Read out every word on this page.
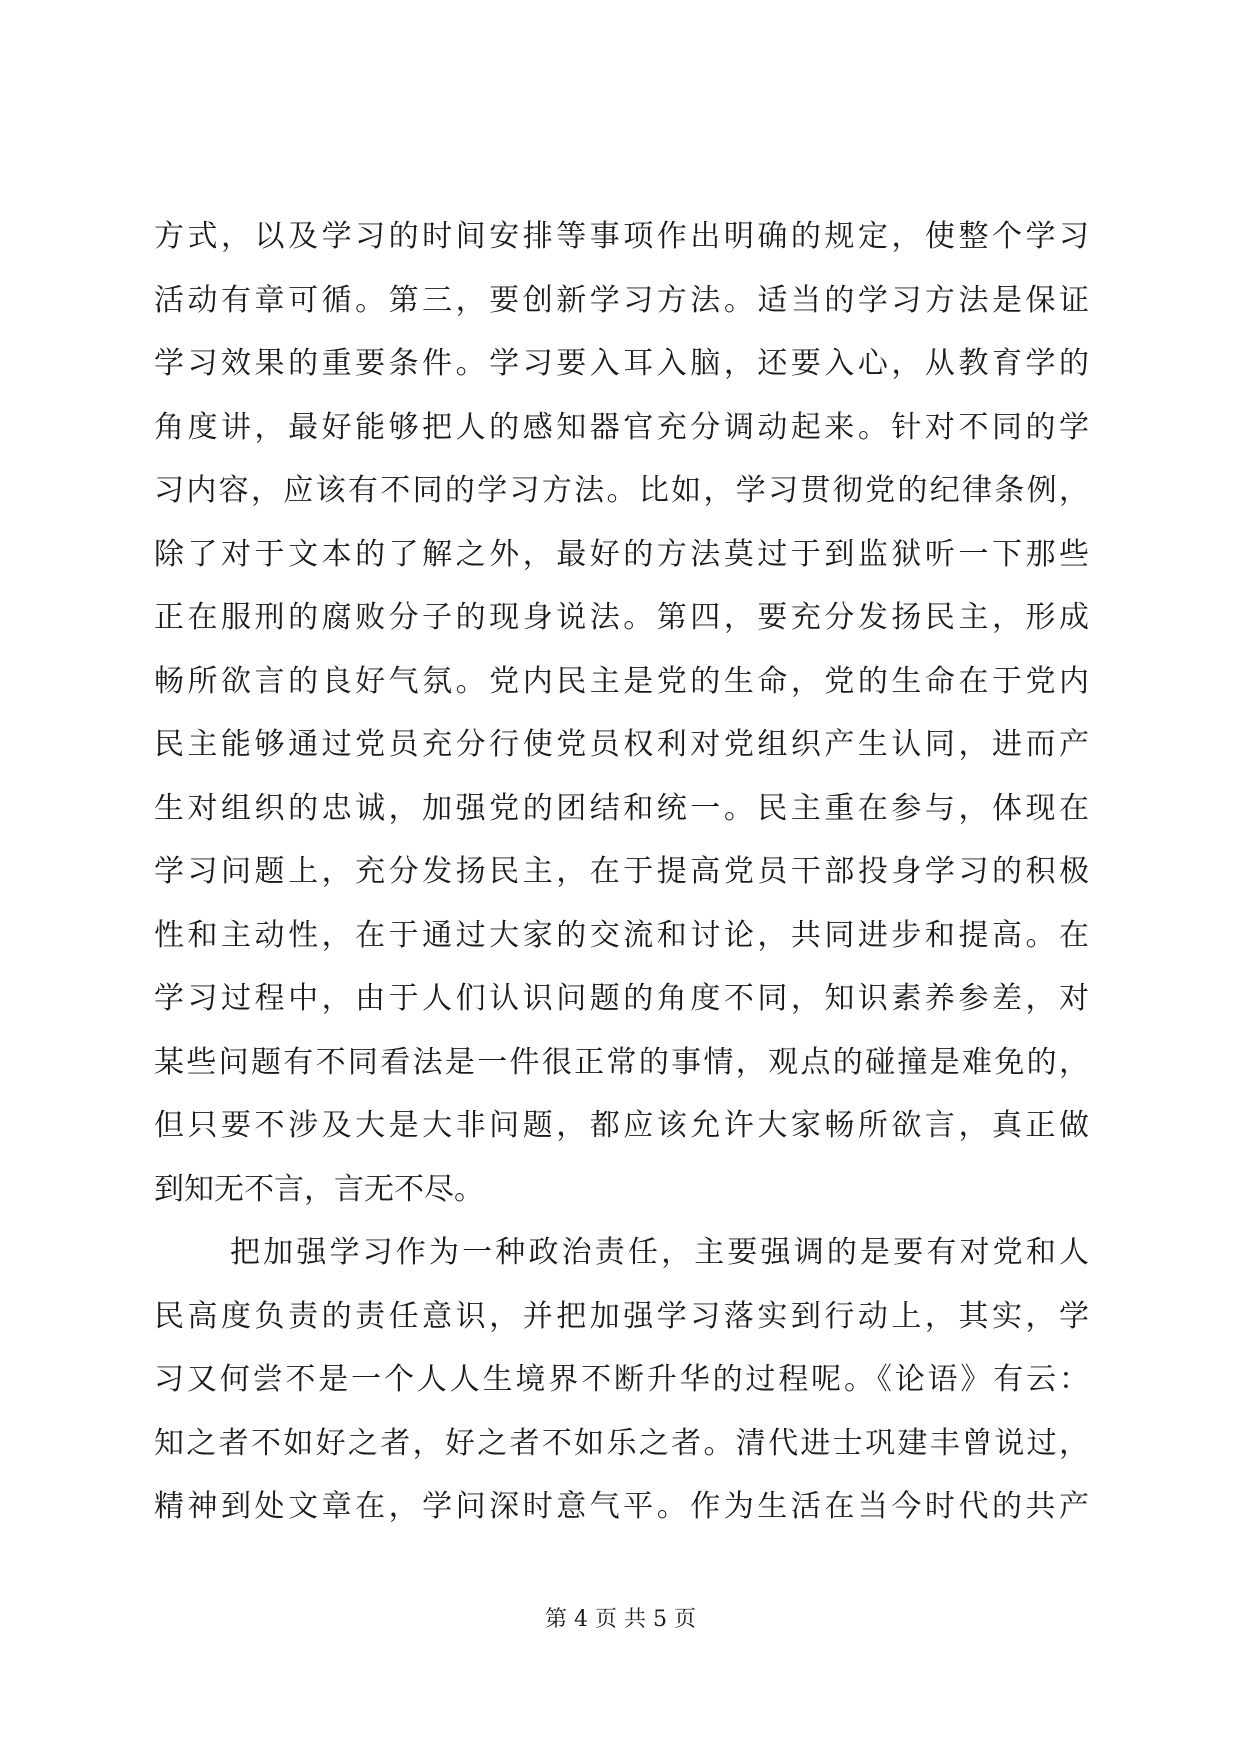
方式，以及学习的时间安排等事项作出明确的规定，使整个学习
活动有章可循。第三，要创新学习方法。适当的学习方法是保证
学习效果的重要条件。学习要入耳入脑，还要入心，从教育学的
角度讲，最好能够把人的感知器官充分调动起来。针对不同的学
习内容，应该有不同的学习方法。比如，学习贯彻党的纪律条例，
除了对于文本的了解之外，最好的方法莫过于到监狱听一下那些
正在服刑的腐败分子的现身说法。第四，要充分发扬民主，形成
畅所欲言的良好气氛。党内民主是党的生命，党的生命在于党内
民主能够通过党员充分行使党员权利对党组织产生认同，进而产
生对组织的忠诚，加强党的团结和统一。民主重在参与，体现在
学习问题上，充分发扬民主，在于提高党员干部投身学习的积极
性和主动性，在于通过大家的交流和讨论，共同进步和提高。在
学习过程中，由于人们认识问题的角度不同，知识素养参差，对
某些问题有不同看法是一件很正常的事情，观点的碰撞是难免的，
但只要不涉及大是大非问题，都应该允许大家畅所欲言，真正做
到知无不言，言无不尽。
把加强学习作为一种政治责任，主要强调的是要有对党和人
民高度负责的责任意识，并把加强学习落实到行动上，其实，学
习又何尝不是一个人人生境界不断升华的过程呢。《论语》有云：
知之者不如好之者，好之者不如乐之者。清代进士巩建丰曾说过，
精神到处文章在，学问深时意气平。作为生活在当今时代的共产
第 4 页 共 5 页
